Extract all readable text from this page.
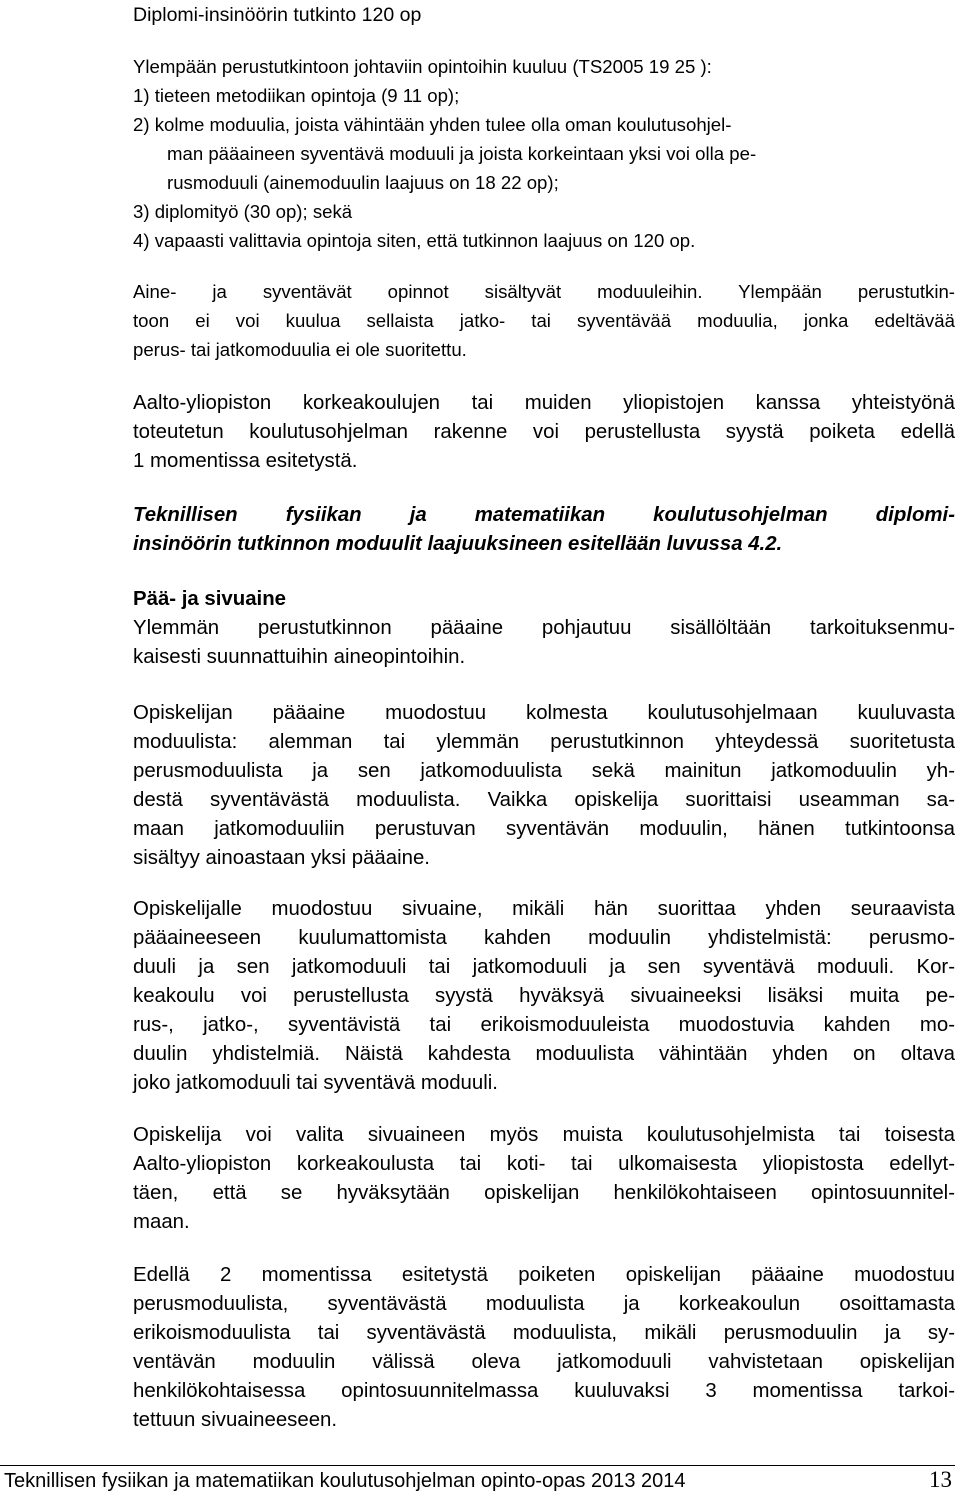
Diplomi-insinöörin tutkinto 120 op
Ylempään perustutkintoon johtaviin opintoihin kuuluu (TS2005 19 25 ):
1) tieteen metodiikan opintoja (9 11 op);
2) kolme moduulia, joista vähintään yhden tulee olla oman koulutusohjel-
man pääaineen syventävä moduuli ja joista korkeintaan yksi voi olla pe-
rusmoduuli (ainemoduulin laajuus on 18 22 op);
3) diplomityö (30 op); sekä
4) vapaasti valittavia opintoja siten, että tutkinnon laajuus on 120 op.
Aine- ja syventävät opinnot sisältyvät moduuleihin. Ylempään perustutkin-
toon ei voi kuulua sellaista jatko- tai syventävää moduulia, jonka edeltävää
perus- tai jatkomoduulia ei ole suoritettu.
Aalto-yliopiston korkeakoulujen tai muiden yliopistojen kanssa yhteistyönä
toteutetun koulutusohjelman rakenne voi perustellusta syystä poiketa edellä
1 momentissa esitetystä.
Teknillisen fysiikan ja matematiikan koulutusohjelman diplomi-
insinöörin tutkinnon moduulit laajuuksineen esitellään luvussa 4.2.
Pää- ja sivuaine
Ylemmän perustutkinnon pääaine pohjautuu sisällöltään tarkoituksenmu-
kaisesti suunnattuihin aineopintoihin.
Opiskelijan pääaine muodostuu kolmesta koulutusohjelmaan kuuluvasta
moduulista: alemman tai ylemmän perustutkinnon yhteydessä suoritetusta
perusmoduulista ja sen jatkomoduulista sekä mainitun jatkomoduulin yh-
destä syventävästä moduulista. Vaikka opiskelija suorittaisi useamman sa-
maan jatkomoduuliin perustuvan syventävän moduulin, hänen tutkintoonsa
sisältyy ainoastaan yksi pääaine.
Opiskelijalle muodostuu sivuaine, mikäli hän suorittaa yhden seuraavista
pääaineeseen kuulumattomista kahden moduulin yhdistelmistä: perusmo-
duuli ja sen jatkomoduuli tai jatkomoduuli ja sen syventävä moduuli. Kor-
keakoulu voi perustellusta syystä hyväksyä sivuaineeksi lisäksi muita pe-
rus-, jatko-, syventävistä tai erikoismoduuleista muodostuvia kahden mo-
duulin yhdistelmiä. Näistä kahdesta moduulista vähintään yhden on oltava
joko jatkomoduuli tai syventävä moduuli.
Opiskelija voi valita sivuaineen myös muista koulutusohjelmista tai toisesta
Aalto-yliopiston korkeakoulusta tai koti- tai ulkomaisesta yliopistosta edellyt-
täen, että se hyväksytään opiskelijan henkilökohtaiseen opintosuunnitel-
maan.
Edellä 2 momentissa esitetystä poiketen opiskelijan pääaine muodostuu
perusmoduulista, syventävästä moduulista ja korkeakoulun osoittamasta
erikoismoduulista tai syventävästä moduulista, mikäli perusmoduulin ja sy-
ventävän moduulin välissä oleva jatkomoduuli vahvistetaan opiskelijan
henkilökohtaisessa opintosuunnitelmassa kuuluvaksi 3 momentissa tarkoi-
tettuun sivuaineeseen.
Teknillisen fysiikan ja matematiikan koulutusohjelman opinto-opas 2013 2014	13
